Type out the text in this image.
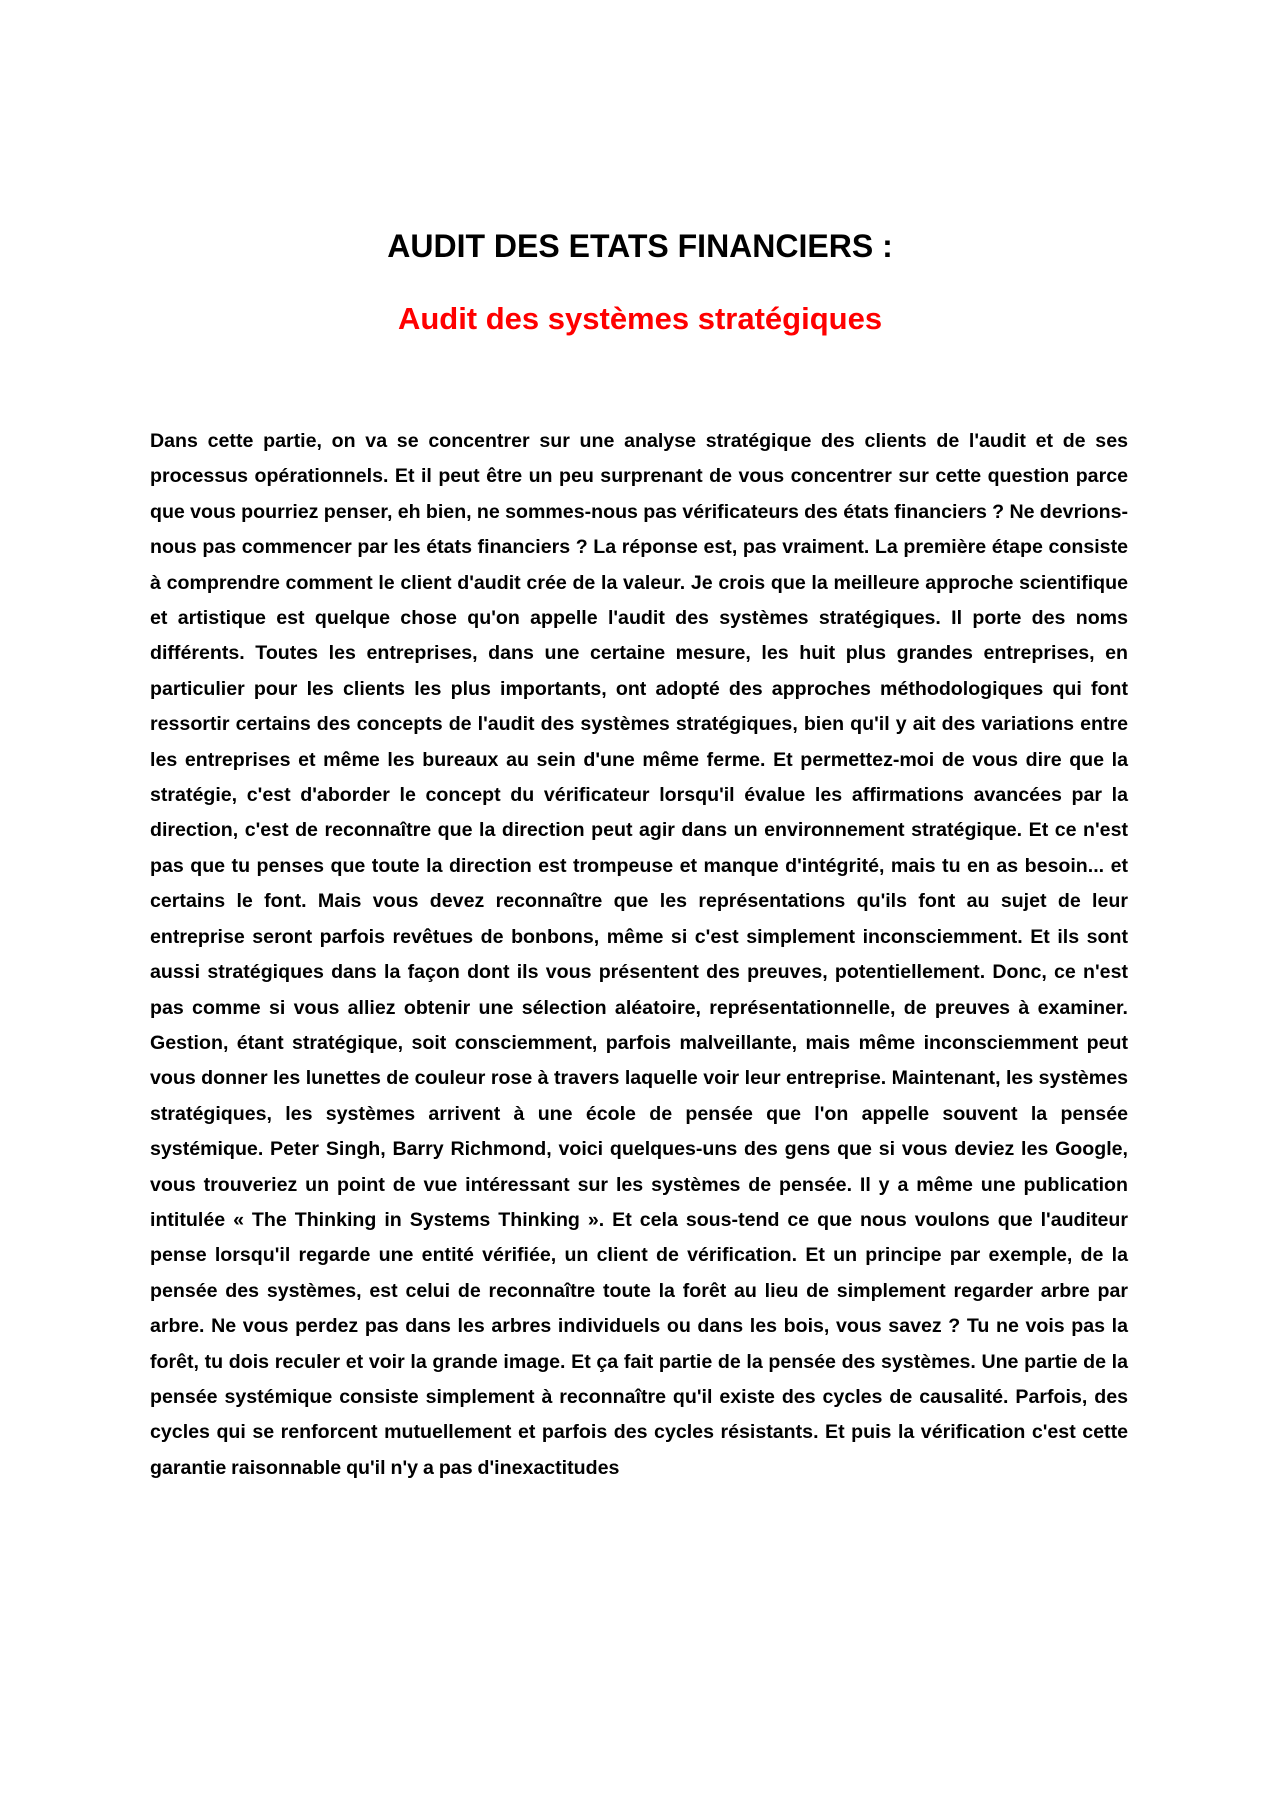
AUDIT DES ETATS FINANCIERS :
Audit des systèmes stratégiques

Dans cette partie, on va se concentrer sur une analyse stratégique des clients de l'audit et de ses processus opérationnels. Et il peut être un peu surprenant de vous concentrer sur cette question parce que vous pourriez penser, eh bien, ne sommes-nous pas vérificateurs des états financiers ? Ne devrions-nous pas commencer par les états financiers ? La réponse est, pas vraiment. La première étape consiste à comprendre comment le client d'audit crée de la valeur. Je crois que la meilleure approche scientifique et artistique est quelque chose qu'on appelle l'audit des systèmes stratégiques. Il porte des noms différents. Toutes les entreprises, dans une certaine mesure, les huit plus grandes entreprises, en particulier pour les clients les plus importants, ont adopté des approches méthodologiques qui font ressortir certains des concepts de l'audit des systèmes stratégiques, bien qu'il y ait des variations entre les entreprises et même les bureaux au sein d'une même ferme. Et permettez-moi de vous dire que la stratégie, c'est d'aborder le concept du vérificateur lorsqu'il évalue les affirmations avancées par la direction, c'est de reconnaître que la direction peut agir dans un environnement stratégique. Et ce n'est pas que tu penses que toute la direction est trompeuse et manque d'intégrité, mais tu en as besoin... et certains le font. Mais vous devez reconnaître que les représentations qu'ils font au sujet de leur entreprise seront parfois revêtues de bonbons, même si c'est simplement inconsciemment. Et ils sont aussi stratégiques dans la façon dont ils vous présentent des preuves, potentiellement. Donc, ce n'est pas comme si vous alliez obtenir une sélection aléatoire, représentationnelle, de preuves à examiner. Gestion, étant stratégique, soit consciemment, parfois malveillante, mais même inconsciemment peut vous donner les lunettes de couleur rose à travers laquelle voir leur entreprise. Maintenant, les systèmes stratégiques, les systèmes arrivent à une école de pensée que l'on appelle souvent la pensée systémique. Peter Singh, Barry Richmond, voici quelques-uns des gens que si vous deviez les Google, vous trouveriez un point de vue intéressant sur les systèmes de pensée. Il y a même une publication intitulée « The Thinking in Systems Thinking ». Et cela sous-tend ce que nous voulons que l'auditeur pense lorsqu'il regarde une entité vérifiée, un client de vérification. Et un principe par exemple, de la pensée des systèmes, est celui de reconnaître toute la forêt au lieu de simplement regarder arbre par arbre. Ne vous perdez pas dans les arbres individuels ou dans les bois, vous savez ? Tu ne vois pas la forêt, tu dois reculer et voir la grande image. Et ça fait partie de la pensée des systèmes. Une partie de la pensée systémique consiste simplement à reconnaître qu'il existe des cycles de causalité. Parfois, des cycles qui se renforcent mutuellement et parfois des cycles résistants. Et puis la vérification c'est cette garantie raisonnable qu'il n'y a pas d'inexactitudes
